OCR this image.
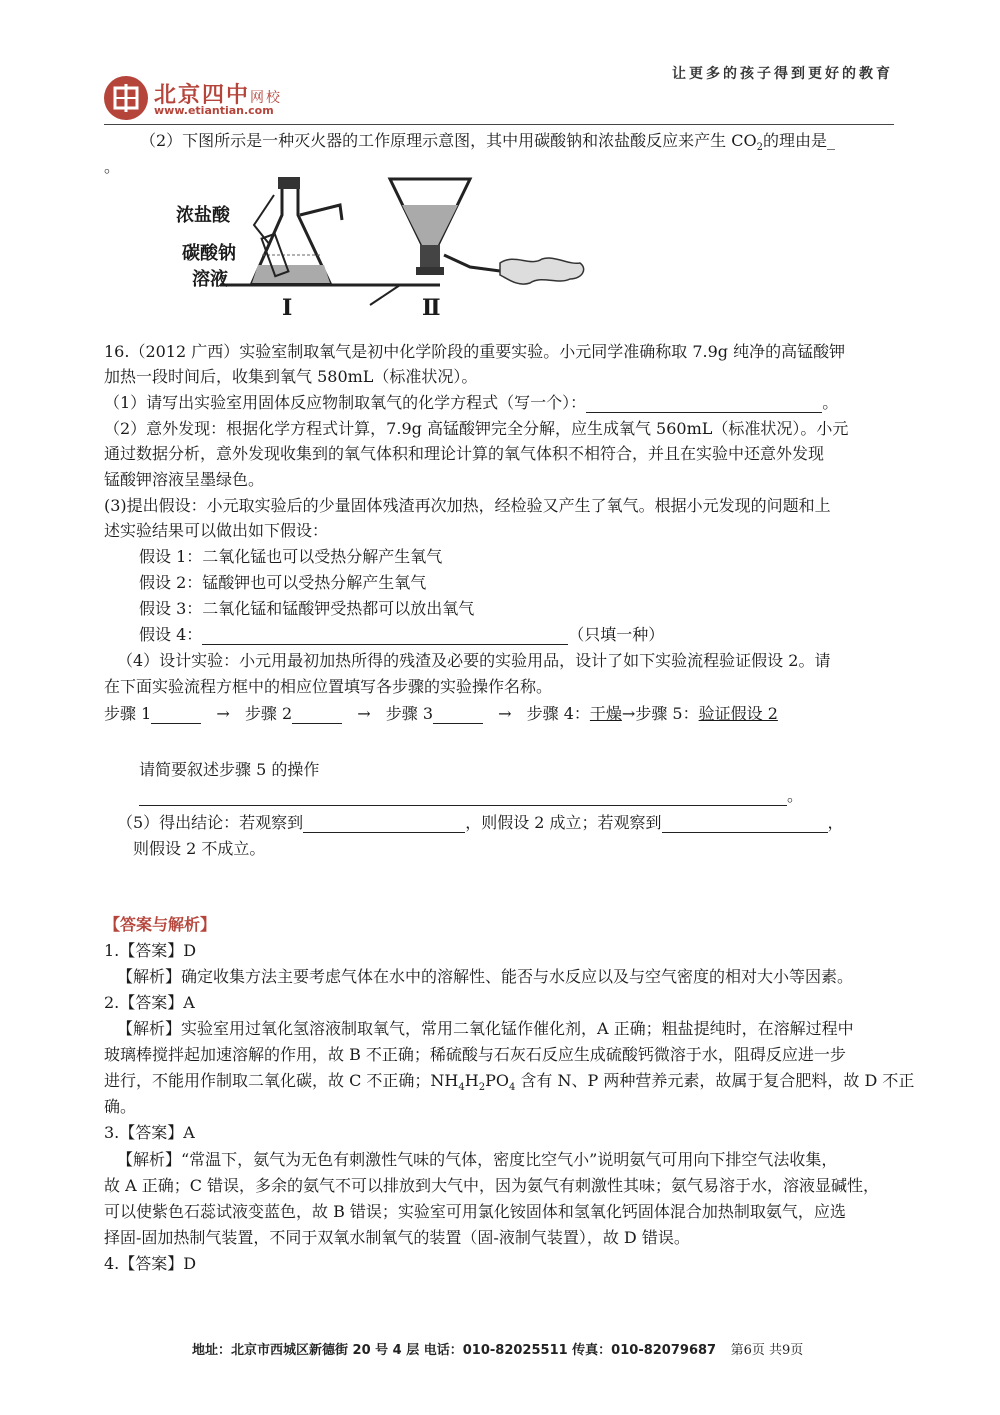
北京四中网校
www.etiantian.com
让更多的孩子得到更好的教育
（2）下图所示是一种灭火器的工作原理示意图，其中用碳酸钠和浓盐酸反应来产生 $CO_2$的理由是_
。
浓盐酸
碳酸钠
溶液
Ⅰ	Ⅱ
16.（2012 广西）实验室制取氧气是初中化学阶段的重要实验。小元同学准确称取 7.9g 纯净的高锰酸钾
加热一段时间后，收集到氧气 580mL（标准状况）。
（1）请写出实验室用固体反应物制取氧气的化学方程式（写一个）：	。
（2）意外发现：根据化学方程式计算，7.9g 高锰酸钾完全分解，应生成氧气 560mL（标准状况）。小元
通过数据分析，意外发现收集到的氧气体积和理论计算的氧气体积不相符合，并且在实验中还意外发现
锰酸钾溶液呈墨绿色。
(3)提出假设：小元取实验后的少量固体残渣再次加热，经检验又产生了氧气。根据小元发现的问题和上
述实验结果可以做出如下假设：
假设 1：二氧化锰也可以受热分解产生氧气
假设 2：锰酸钾也可以受热分解产生氧气
假设 3：二氧化锰和锰酸钾受热都可以放出氧气
假设 4：	（只填一种）
（4）设计实验：小元用最初加热所得的残渣及必要的实验用品，设计了如下实验流程验证假设 2。请
在下面实验流程方框中的相应位置填写各步骤的实验操作名称。
步骤 1	→ 步骤 2	→ 步骤 3	→ 步骤 4：干燥→步骤 5：验证假设 2
请简要叙述步骤 5 的操作
。
（5）得出结论：若观察到	，则假设 2 成立；若观察到	，
则假设 2 不成立。
【答案与解析】
1.【答案】D
【解析】确定收集方法主要考虑气体在水中的溶解性、能否与水反应以及与空气密度的相对大小等因素。
2.【答案】A
【解析】实验室用过氧化氢溶液制取氧气，常用二氧化锰作催化剂，A 正确；粗盐提纯时，在溶解过程中
玻璃棒搅拌起加速溶解的作用，故 B 不正确；稀硫酸与石灰石反应生成硫酸钙微溶于水，阻碍反应进一步
进行，不能用作制取二氧化碳，故 C 不正确；$NH_4H_2PO_4$ 含有 N、P 两种营养元素，故属于复合肥料，故 D 不正
确。
3.【答案】A
【解析】“常温下，氨气为无色有刺激性气味的气体，密度比空气小”说明氨气可用向下排空气法收集，
故 A 正确；C 错误，多余的氨气不可以排放到大气中，因为氨气有刺激性其味；氨气易溶于水，溶液显碱性，
可以使紫色石蕊试液变蓝色，故 B 错误；实验室可用氯化铵固体和氢氧化钙固体混合加热制取氨气，应选
择固-固加热制气装置，不同于双氧水制氧气的装置（固-液制气装置），故 D 错误。
4.【答案】D
地址：北京市西城区新德街 20 号 4 层 电话：010-82025511 传真：010-82079687 第6页 共9页
